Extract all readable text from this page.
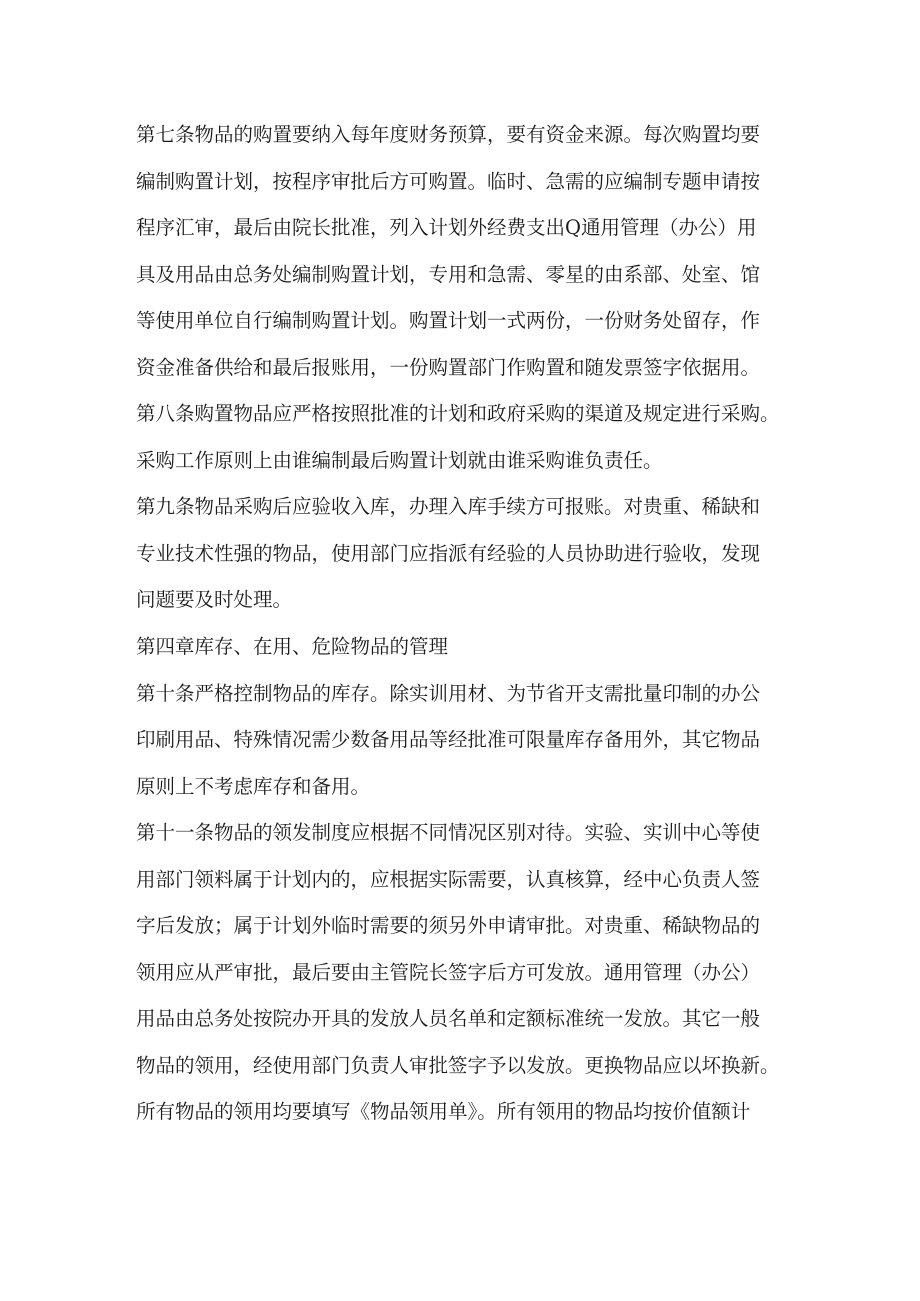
第七条物品的购置要纳入每年度财务预算，要有资金来源。每次购置均要
编制购置计划，按程序审批后方可购置。临时、急需的应编制专题申请按
程序汇审，最后由院长批准，列入计划外经费支出Q通用管理（办公）用
具及用品由总务处编制购置计划，专用和急需、零星的由系部、处室、馆
等使用单位自行编制购置计划。购置计划一式两份，一份财务处留存，作
资金准备供给和最后报账用，一份购置部门作购置和随发票签字依据用。
第八条购置物品应严格按照批准的计划和政府采购的渠道及规定进行采购。
采购工作原则上由谁编制最后购置计划就由谁采购谁负责任。
第九条物品采购后应验收入库，办理入库手续方可报账。对贵重、稀缺和
专业技术性强的物品，使用部门应指派有经验的人员协助进行验收，发现
问题要及时处理。
第四章库存、在用、危险物品的管理
第十条严格控制物品的库存。除实训用材、为节省开支需批量印制的办公
印刷用品、特殊情况需少数备用品等经批准可限量库存备用外，其它物品
原则上不考虑库存和备用。
第十一条物品的领发制度应根据不同情况区别对待。实验、实训中心等使
用部门领料属于计划内的，应根据实际需要，认真核算，经中心负责人签
字后发放；属于计划外临时需要的须另外申请审批。对贵重、稀缺物品的
领用应从严审批，最后要由主管院长签字后方可发放。通用管理（办公）
用品由总务处按院办开具的发放人员名单和定额标准统一发放。其它一般
物品的领用，经使用部门负责人审批签字予以发放。更换物品应以坏换新。
所有物品的领用均要填写《物品领用单》。所有领用的物品均按价值额计
